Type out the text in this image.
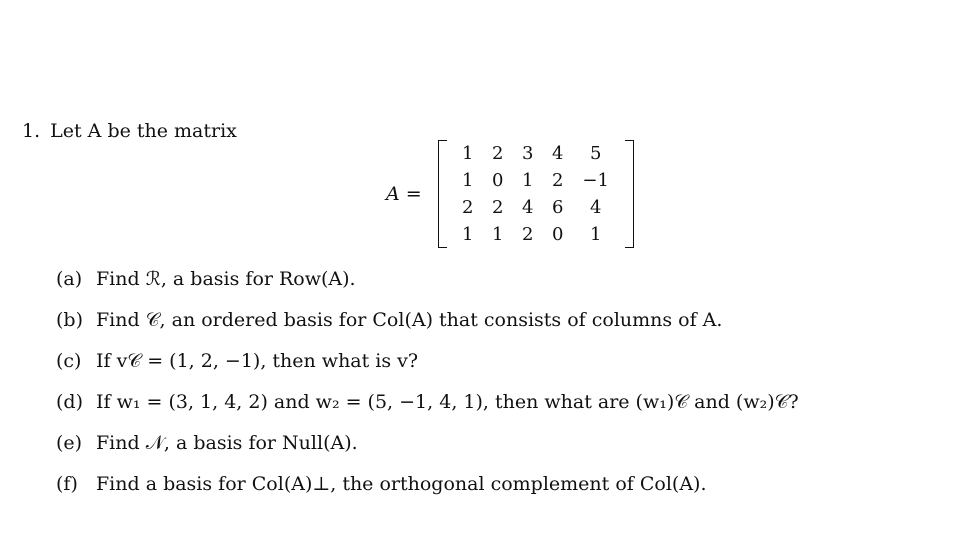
1. Let A be the matrix
A =
1	2	3	4	5
1	0	1	2	−1
2	2	4	6	4
1	1	2	0	1
(a) Find ℛ, a basis for Row(A).
(b) Find 𝒞, an ordered basis for Col(A) that consists of columns of A.
(c) If v𝒞 = (1, 2, −1), then what is v?
(d) If w₁ = (3, 1, 4, 2) and w₂ = (5, −1, 4, 1), then what are (w₁)𝒞 and (w₂)𝒞?
(e) Find 𝒩, a basis for Null(A).
(f) Find a basis for Col(A)⊥, the orthogonal complement of Col(A).
